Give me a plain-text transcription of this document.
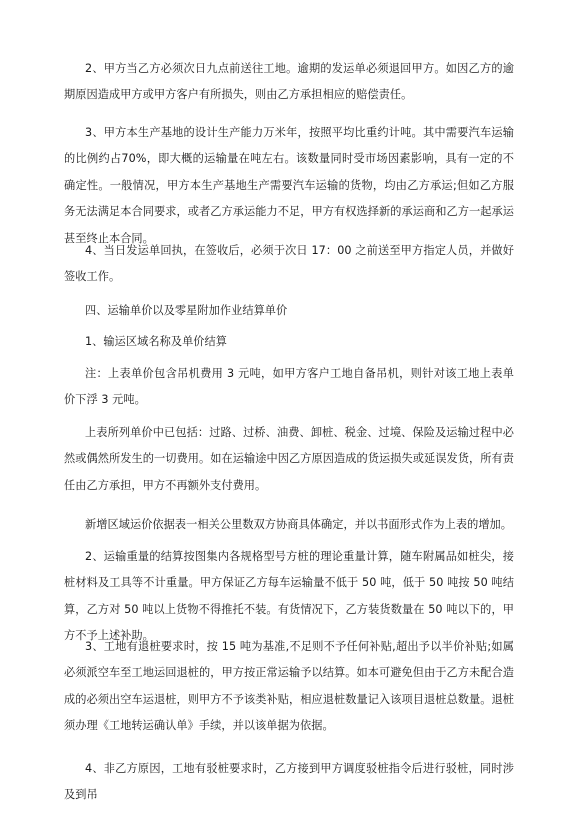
2、甲方当乙方必须次日九点前送往工地。逾期的发运单必须退回甲方。如因乙方的逾期原因造成甲方或甲方客户有所损失，则由乙方承担相应的赔偿责任。

3、甲方本生产基地的设计生产能力万米年，按照平均比重约计吨。其中需要汽车运输的比例约占70%，即大概的运输量在吨左右。该数量同时受市场因素影响，具有一定的不确定性。一般情况，甲方本生产基地生产需要汽车运输的货物，均由乙方承运;但如乙方服务无法满足本合同要求，或者乙方承运能力不足，甲方有权选择新的承运商和乙方一起承运甚至终止本合同。

4、当日发运单回执，在签收后，必须于次日 17：00 之前送至甲方指定人员，并做好签收工作。

四、运输单价以及零星附加作业结算单价

1、输运区域名称及单价结算

注：上表单价包含吊机费用 3 元吨，如甲方客户工地自备吊机，则针对该工地上表单价下浮 3 元吨。

上表所列单价中已包括：过路、过桥、油费、卸桩、税金、过境、保险及运输过程中必然或偶然所发生的一切费用。如在运输途中因乙方原因造成的货运损失或延误发货，所有责任由乙方承担，甲方不再额外支付费用。

新增区域运价依据表一相关公里数双方协商具体确定，并以书面形式作为上表的增加。

2、运输重量的结算按图集内各规格型号方桩的理论重量计算，随车附属品如桩尖，接桩材料及工具等不计重量。甲方保证乙方每车运输量不低于 50 吨，低于 50 吨按 50 吨结算，乙方对 50 吨以上货物不得推托不装。有货情况下，乙方装货数量在 50 吨以下的，甲方不予上述补助。

3、工地有退桩要求时，按 15 吨为基准,不足则不予任何补贴,超出予以半价补贴;如属必须派空车至工地运回退桩的，甲方按正常运输予以结算。如本可避免但由于乙方未配合造成的必须出空车运退桩，则甲方不予该类补贴，相应退桩数量记入该项目退桩总数量。退桩须办理《工地转运确认单》手续，并以该单据为依据。

4、非乙方原因，工地有驳桩要求时，乙方接到甲方调度驳桩指令后进行驳桩，同时涉及到吊
